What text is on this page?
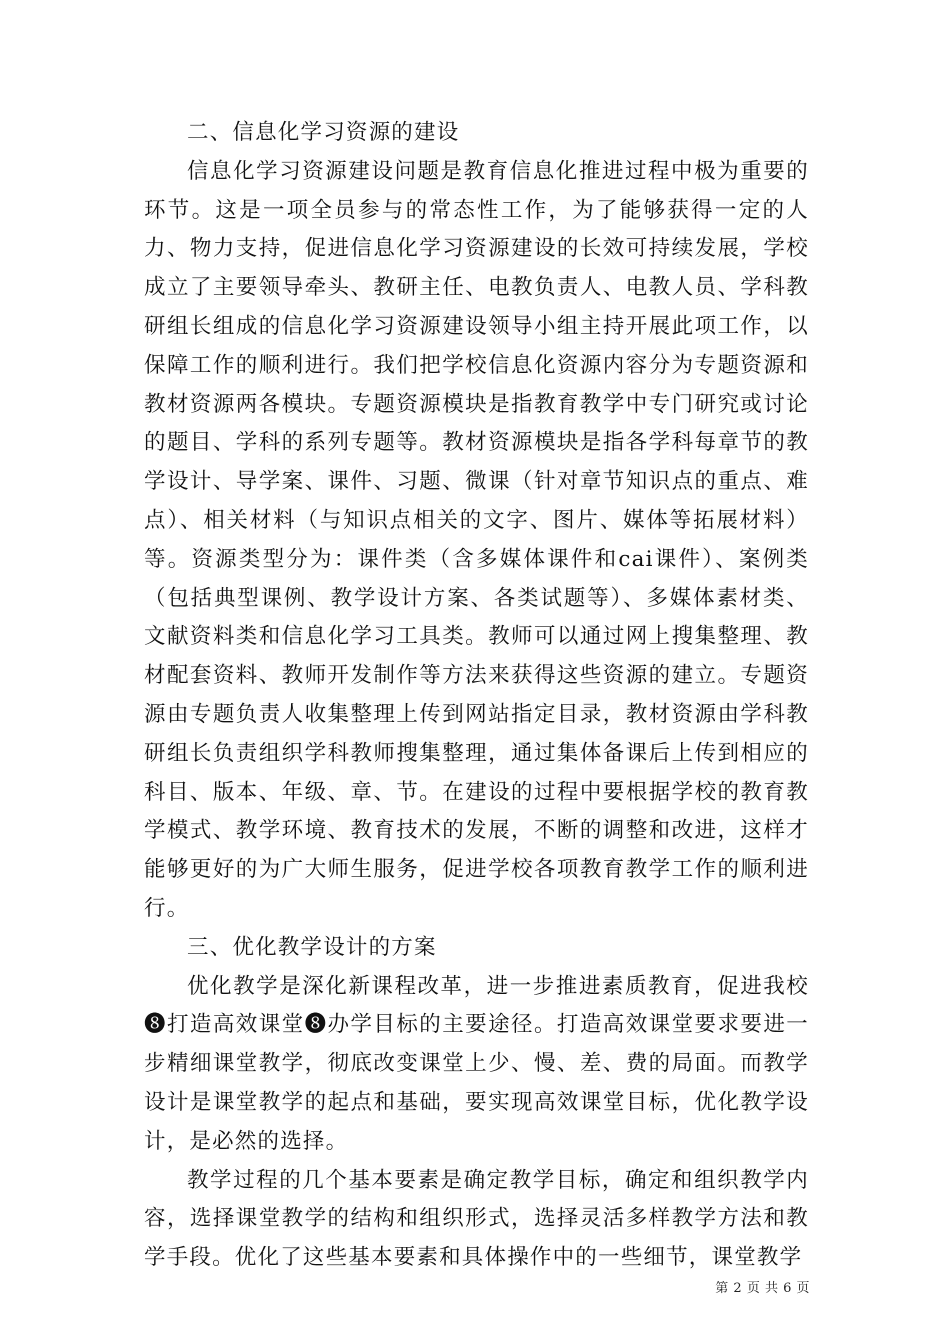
二、信息化学习资源的建设

信息化学习资源建设问题是教育信息化推进过程中极为重要的环节。这是一项全员参与的常态性工作，为了能够获得一定的人力、物力支持，促进信息化学习资源建设的长效可持续发展，学校成立了主要领导牵头、教研主任、电教负责人、电教人员、学科教研组长组成的信息化学习资源建设领导小组主持开展此项工作，以保障工作的顺利进行。我们把学校信息化资源内容分为专题资源和教材资源两各模块。专题资源模块是指教育教学中专门研究或讨论的题目、学科的系列专题等。教材资源模块是指各学科每章节的教学设计、导学案、课件、习题、微课（针对章节知识点的重点、难点）、相关材料（与知识点相关的文字、图片、媒体等拓展材料）等。资源类型分为：课件类（含多媒体课件和cai课件）、案例类（包括典型课例、教学设计方案、各类试题等）、多媒体素材类、文献资料类和信息化学习工具类。教师可以通过网上搜集整理、教材配套资料、教师开发制作等方法来获得这些资源的建立。专题资源由专题负责人收集整理上传到网站指定目录，教材资源由学科教研组长负责组织学科教师搜集整理，通过集体备课后上传到相应的科目、版本、年级、章、节。在建设的过程中要根据学校的教育教学模式、教学环境、教育技术的发展，不断的调整和改进，这样才能够更好的为广大师生服务，促进学校各项教育教学工作的顺利进行。

三、优化教学设计的方案

优化教学是深化新课程改革，进一步推进素质教育，促进我校❽打造高效课堂❽办学目标的主要途径。打造高效课堂要求要进一步精细课堂教学，彻底改变课堂上少、慢、差、费的局面。而教学设计是课堂教学的起点和基础，要实现高效课堂目标，优化教学设计，是必然的选择。

教学过程的几个基本要素是确定教学目标，确定和组织教学内容，选择课堂教学的结构和组织形式，选择灵活多样教学方法和教学手段。优化了这些基本要素和具体操作中的一些细节，课堂教学

第 2 页 共 6 页
